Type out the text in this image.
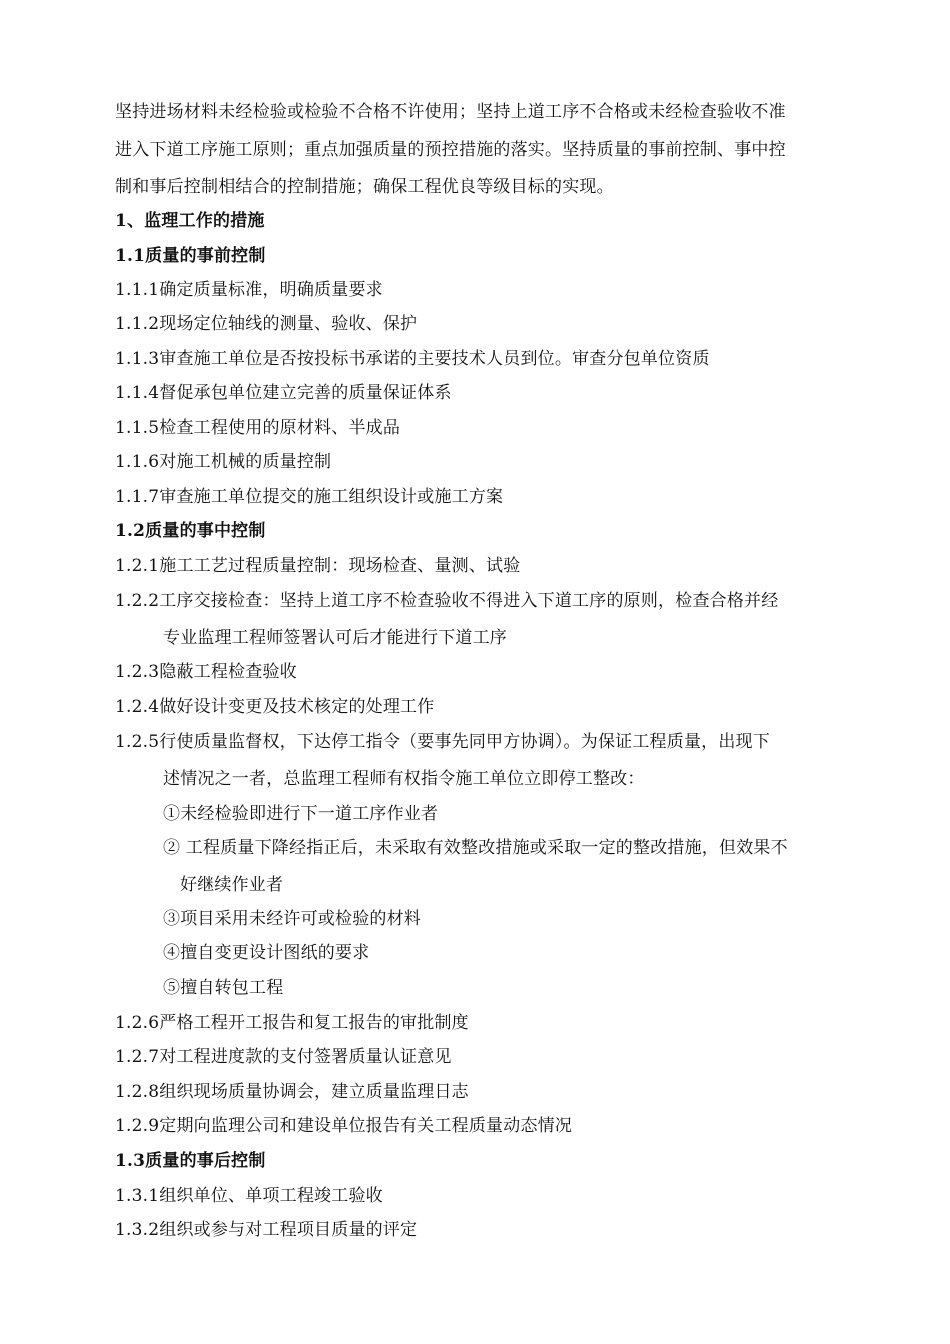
坚持进场材料未经检验或检验不合格不许使用；坚持上道工序不合格或未经检查验收不准
进入下道工序施工原则；重点加强质量的预控措施的落实。坚持质量的事前控制、事中控
制和事后控制相结合的控制措施；确保工程优良等级目标的实现。
1、监理工作的措施
1.1质量的事前控制
1.1.1确定质量标准，明确质量要求
1.1.2现场定位轴线的测量、验收、保护
1.1.3审查施工单位是否按投标书承诺的主要技术人员到位。审查分包单位资质
1.1.4督促承包单位建立完善的质量保证体系
1.1.5检查工程使用的原材料、半成品
1.1.6对施工机械的质量控制
1.1.7审查施工单位提交的施工组织设计或施工方案
1.2质量的事中控制
1.2.1施工工艺过程质量控制：现场检查、量测、试验
1.2.2工序交接检查：坚持上道工序不检查验收不得进入下道工序的原则，检查合格并经
专业监理工程师签署认可后才能进行下道工序
1.2.3隐蔽工程检查验收
1.2.4做好设计变更及技术核定的处理工作
1.2.5行使质量监督权，下达停工指令（要事先同甲方协调）。为保证工程质量，出现下
述情况之一者，总监理工程师有权指令施工单位立即停工整改：
①未经检验即进行下一道工序作业者
② 工程质量下降经指正后，未采取有效整改措施或采取一定的整改措施，但效果不
好继续作业者
③项目采用未经许可或检验的材料
④擅自变更设计图纸的要求
⑤擅自转包工程
1.2.6严格工程开工报告和复工报告的审批制度
1.2.7对工程进度款的支付签署质量认证意见
1.2.8组织现场质量协调会，建立质量监理日志
1.2.9定期向监理公司和建设单位报告有关工程质量动态情况
1.3质量的事后控制
1.3.1组织单位、单项工程竣工验收
1.3.2组织或参与对工程项目质量的评定
